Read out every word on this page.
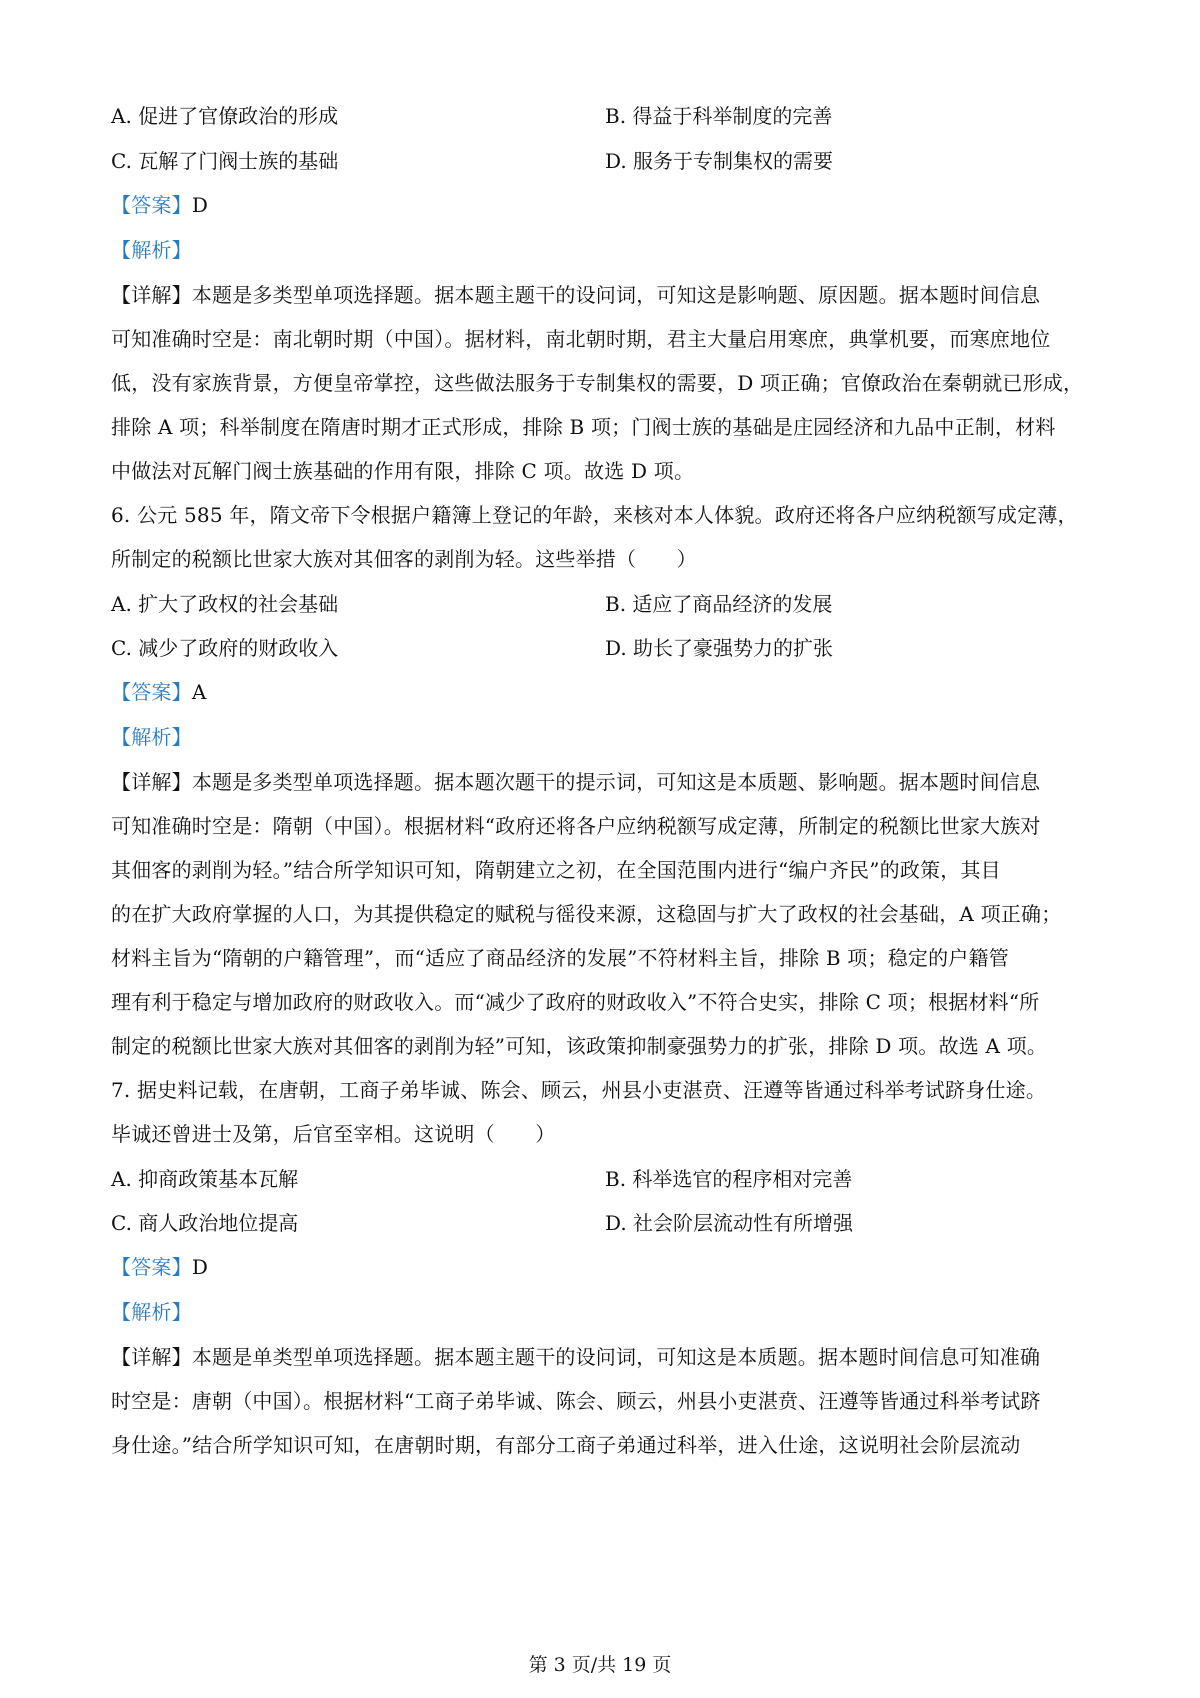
A. 促进了官僚政治的形成	B. 得益于科举制度的完善
C. 瓦解了门阀士族的基础	D. 服务于专制集权的需要
【答案】D
【解析】
【详解】本题是多类型单项选择题。据本题主题干的设问词，可知这是影响题、原因题。据本题时间信息
可知准确时空是：南北朝时期（中国）。据材料，南北朝时期，君主大量启用寒庶，典掌机要，而寒庶地位
低，没有家族背景，方便皇帝掌控，这些做法服务于专制集权的需要，D 项正确；官僚政治在秦朝就已形成，
排除 A 项；科举制度在隋唐时期才正式形成，排除 B 项；门阀士族的基础是庄园经济和九品中正制，材料
中做法对瓦解门阀士族基础的作用有限，排除 C 项。故选 D 项。
6. 公元 585 年，隋文帝下令根据户籍簿上登记的年龄，来核对本人体貌。政府还将各户应纳税额写成定薄，
所制定的税额比世家大族对其佃客的剥削为轻。这些举措（　　）
A. 扩大了政权的社会基础	B. 适应了商品经济的发展
C. 减少了政府的财政收入	D. 助长了豪强势力的扩张
【答案】A
【解析】
【详解】本题是多类型单项选择题。据本题次题干的提示词，可知这是本质题、影响题。据本题时间信息
可知准确时空是：隋朝（中国）。根据材料“政府还将各户应纳税额写成定薄，所制定的税额比世家大族对
其佃客的剥削为轻。”结合所学知识可知，隋朝建立之初，在全国范围内进行“编户齐民”的政策，其目
的在扩大政府掌握的人口，为其提供稳定的赋税与徭役来源，这稳固与扩大了政权的社会基础，A 项正确；
材料主旨为“隋朝的户籍管理”，而“适应了商品经济的发展”不符材料主旨，排除 B 项；稳定的户籍管
理有利于稳定与增加政府的财政收入。而“减少了政府的财政收入”不符合史实，排除 C 项；根据材料“所
制定的税额比世家大族对其佃客的剥削为轻”可知，该政策抑制豪强势力的扩张，排除 D 项。故选 A 项。
7. 据史料记载，在唐朝，工商子弟毕诚、陈会、顾云，州县小吏湛贲、汪遵等皆通过科举考试跻身仕途。
毕诚还曾进士及第，后官至宰相。这说明（　　）
A. 抑商政策基本瓦解	B. 科举选官的程序相对完善
C. 商人政治地位提高	D. 社会阶层流动性有所增强
【答案】D
【解析】
【详解】本题是单类型单项选择题。据本题主题干的设问词，可知这是本质题。据本题时间信息可知准确
时空是：唐朝（中国）。根据材料“工商子弟毕诚、陈会、顾云，州县小吏湛贲、汪遵等皆通过科举考试跻
身仕途。”结合所学知识可知，在唐朝时期，有部分工商子弟通过科举，进入仕途，这说明社会阶层流动
第 3 页/共 19 页
